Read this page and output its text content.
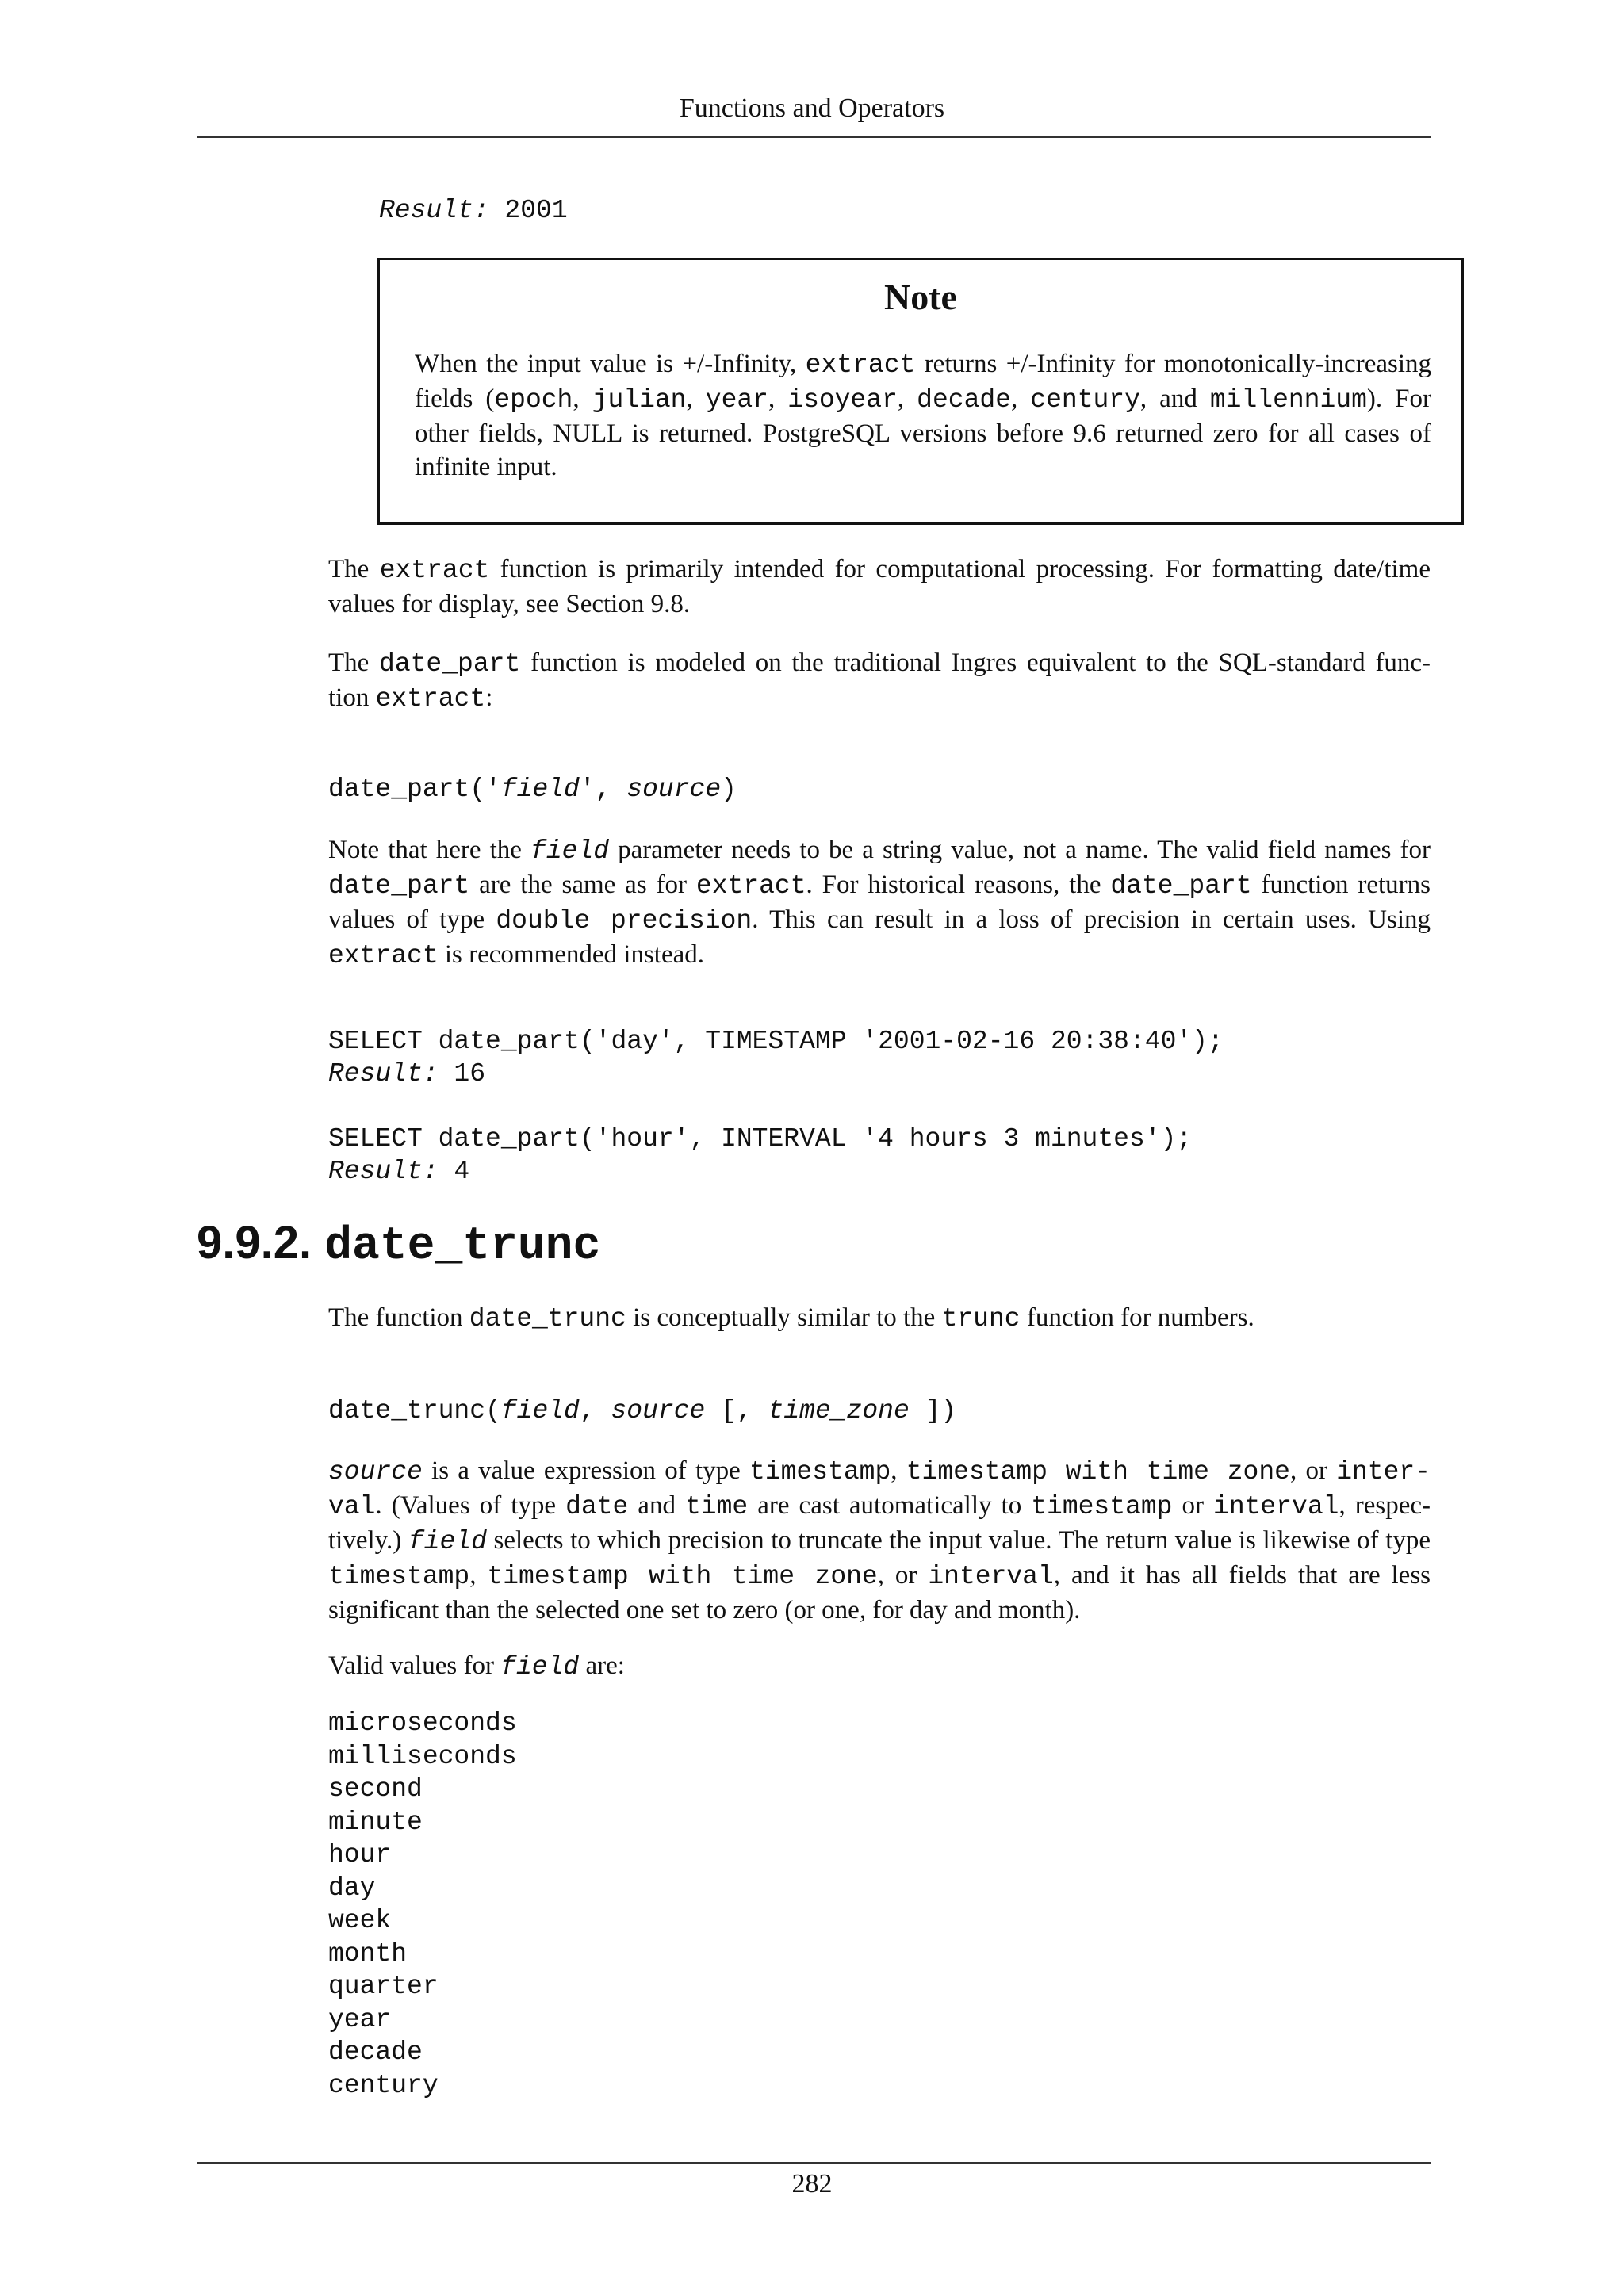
Functions and Operators
Result: 2001
Note
When the input value is +/-Infinity, extract returns +/-Infinity for monotonically-increasing fields (epoch, julian, year, isoyear, decade, century, and millennium). For other fields, NULL is returned. PostgreSQL versions before 9.6 returned zero for all cases of infinite input.
The extract function is primarily intended for computational processing. For formatting date/time values for display, see Section 9.8.
The date_part function is modeled on the traditional Ingres equivalent to the SQL-standard func- tion extract:
date_part('field', source)
Note that here the field parameter needs to be a string value, not a name. The valid field names for date_part are the same as for extract. For historical reasons, the date_part function returns values of type double precision. This can result in a loss of precision in certain uses. Using extract is recommended instead.
SELECT date_part('day', TIMESTAMP '2001-02-16 20:38:40');
Result: 16
SELECT date_part('hour', INTERVAL '4 hours 3 minutes');
Result: 4
9.9.2. date_trunc
The function date_trunc is conceptually similar to the trunc function for numbers.
date_trunc(field, source [, time_zone ])
source is a value expression of type timestamp, timestamp with time zone, or inter- val. (Values of type date and time are cast automatically to timestamp or interval, respec- tively.) field selects to which precision to truncate the input value. The return value is likewise of type timestamp, timestamp with time zone, or interval, and it has all fields that are less significant than the selected one set to zero (or one, for day and month).
Valid values for field are:
microseconds
milliseconds
second
minute
hour
day
week
month
quarter
year
decade
century
282
